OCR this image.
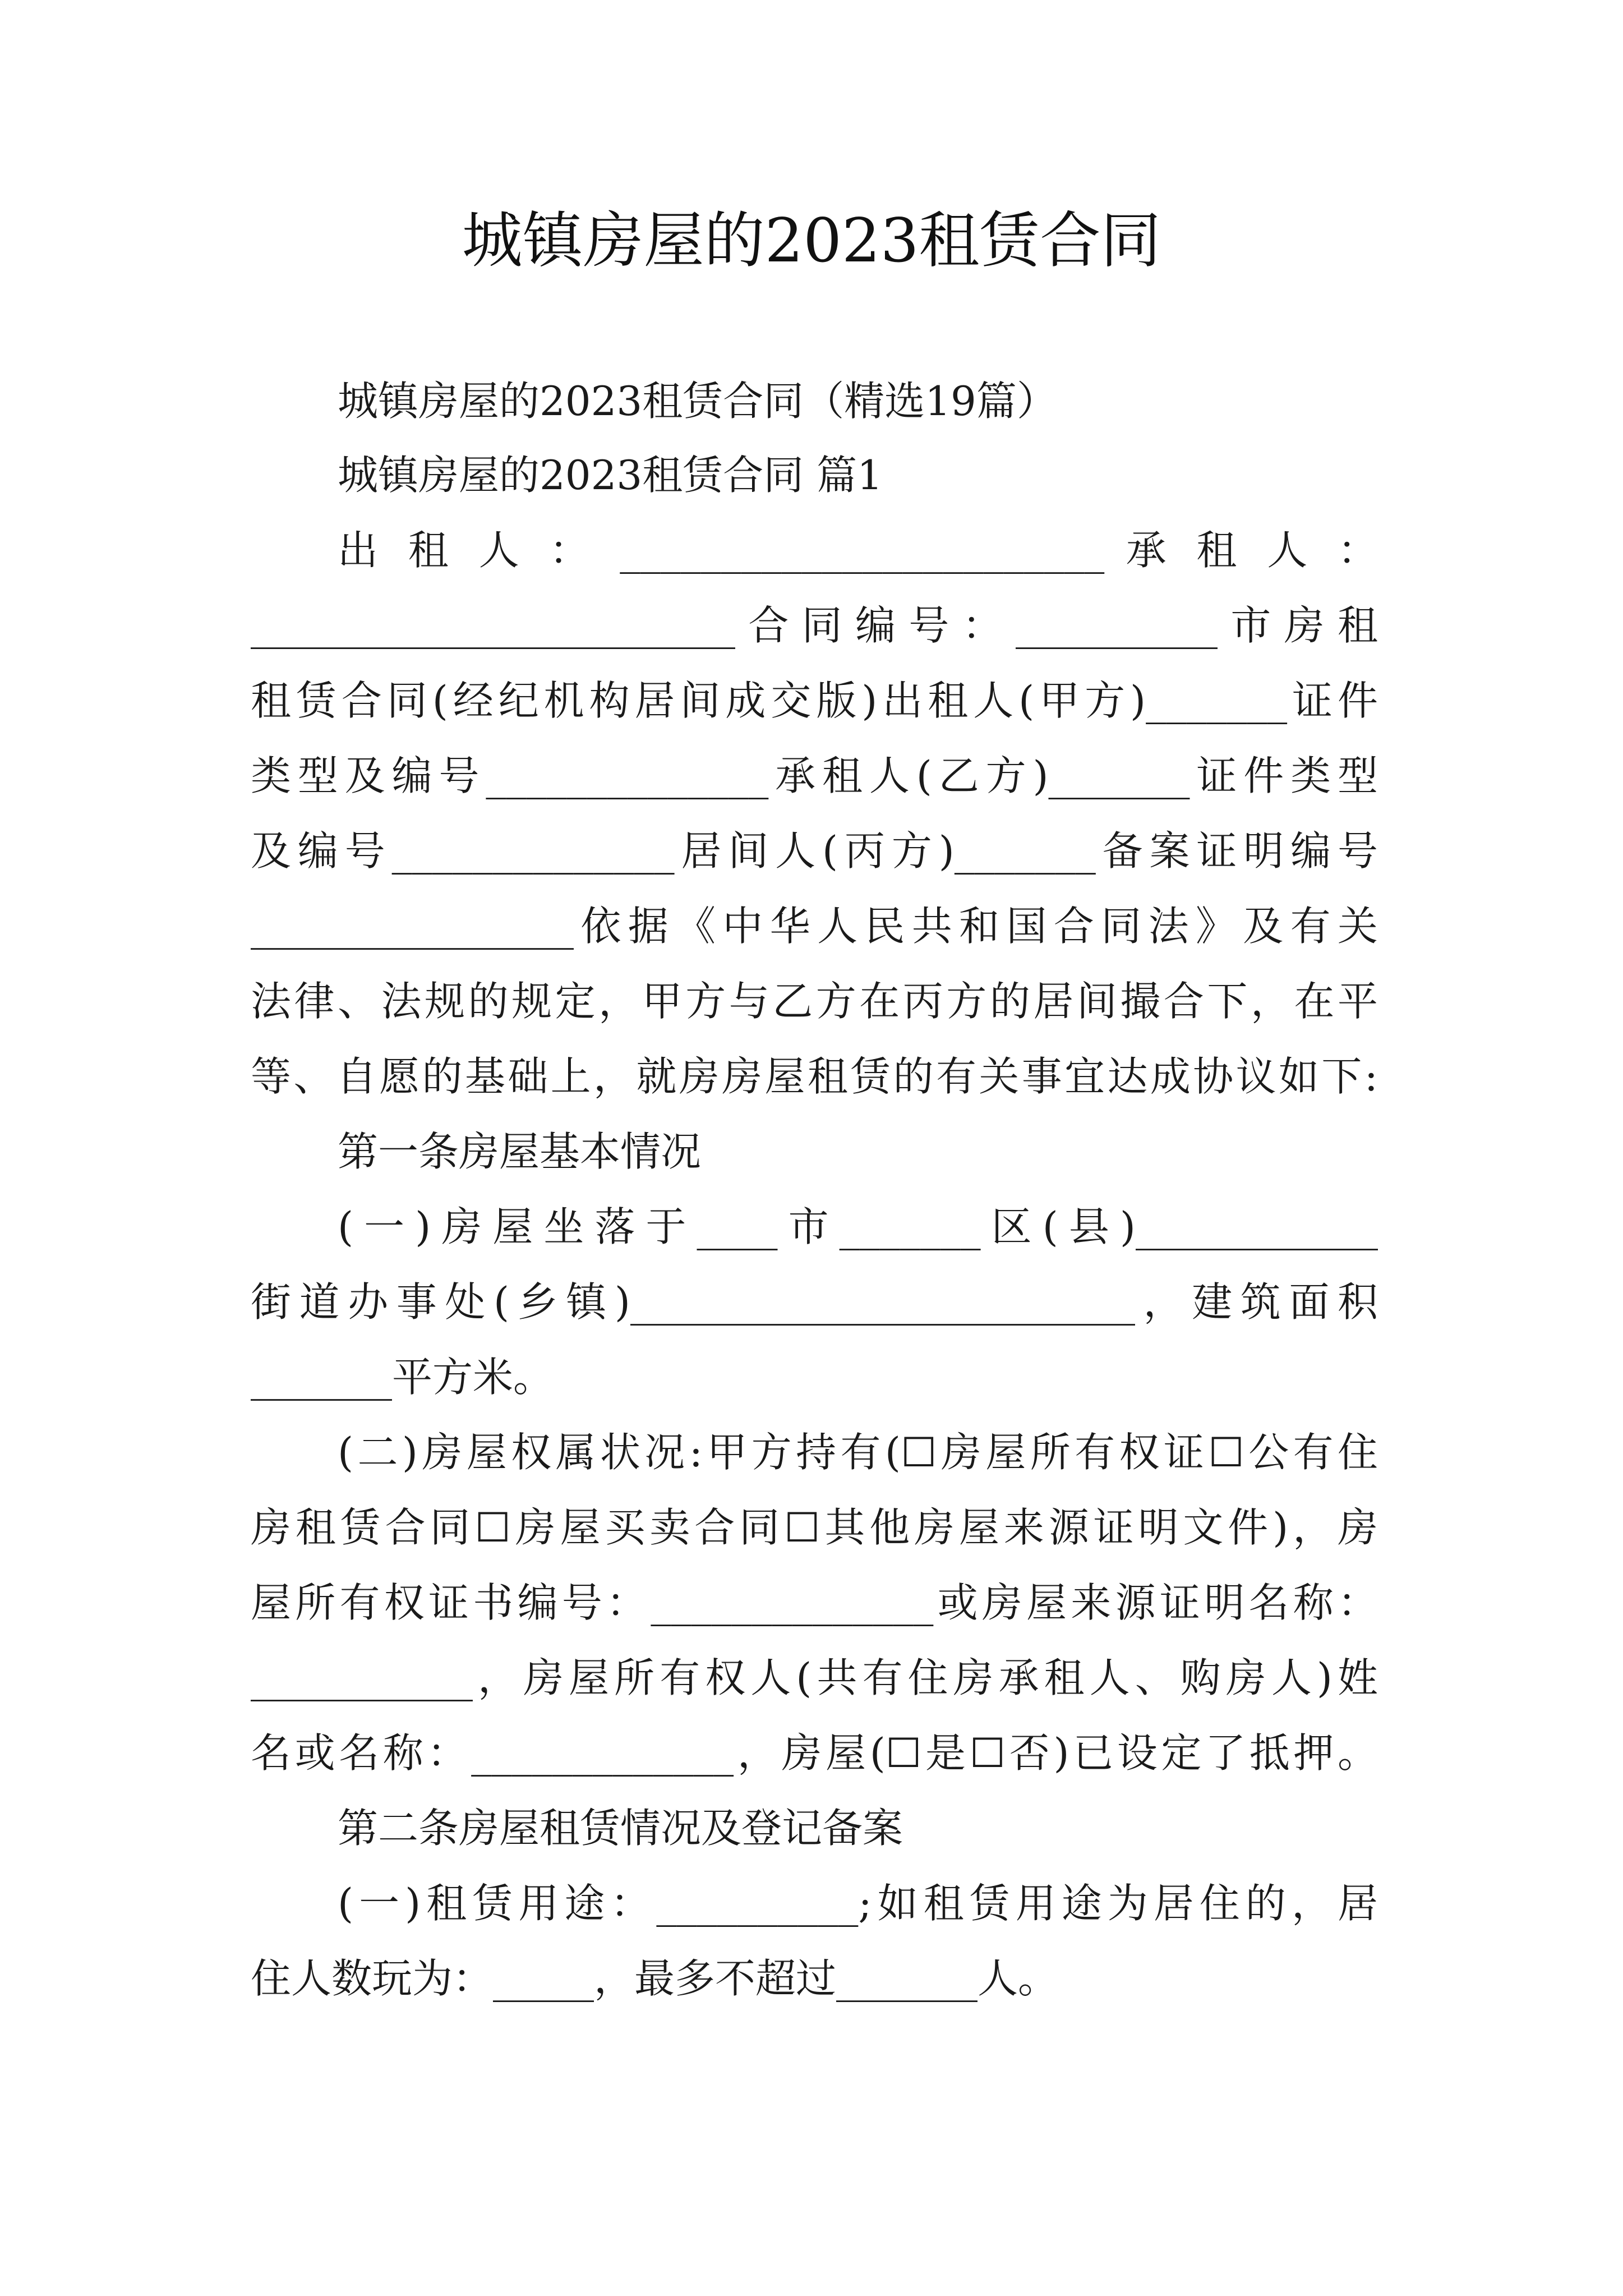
城镇房屋的2023租赁合同
城镇房屋的2023租赁合同（精选19篇）
城镇房屋的2023租赁合同 篇1
出 租 人 ： ________________________ 承 租 人 ：
________________________合同编号：__________市房租
租赁合同(经纪机构居间成交版)出租人(甲方)_______证件
类型及编号______________承租人(乙方)_______证件类型
及编号______________居间人(丙方)_______备案证明编号
________________依据《中华人民共和国合同法》及有关
法律、法规的规定，甲方与乙方在丙方的居间撮合下，在平
等、自愿的基础上，就房房屋租赁的有关事宜达成协议如下:
第一条房屋基本情况
(一)房屋坐落于____市_______区(县)____________
街道办事处(乡镇)_________________________，建筑面积
_______平方米。
(二)房屋权属状况:甲方持有(☐房屋所有权证☐公有住
房租赁合同☐房屋买卖合同☐其他房屋来源证明文件)，房
屋所有权证书编号：______________或房屋来源证明名称：
___________，房屋所有权人(共有住房承租人、购房人)姓
名或名称：_____________，房屋(☐是☐否)已设定了抵押。
第二条房屋租赁情况及登记备案
(一)租赁用途：__________;如租赁用途为居住的，居
住人数玩为：_____，最多不超过_______人。
